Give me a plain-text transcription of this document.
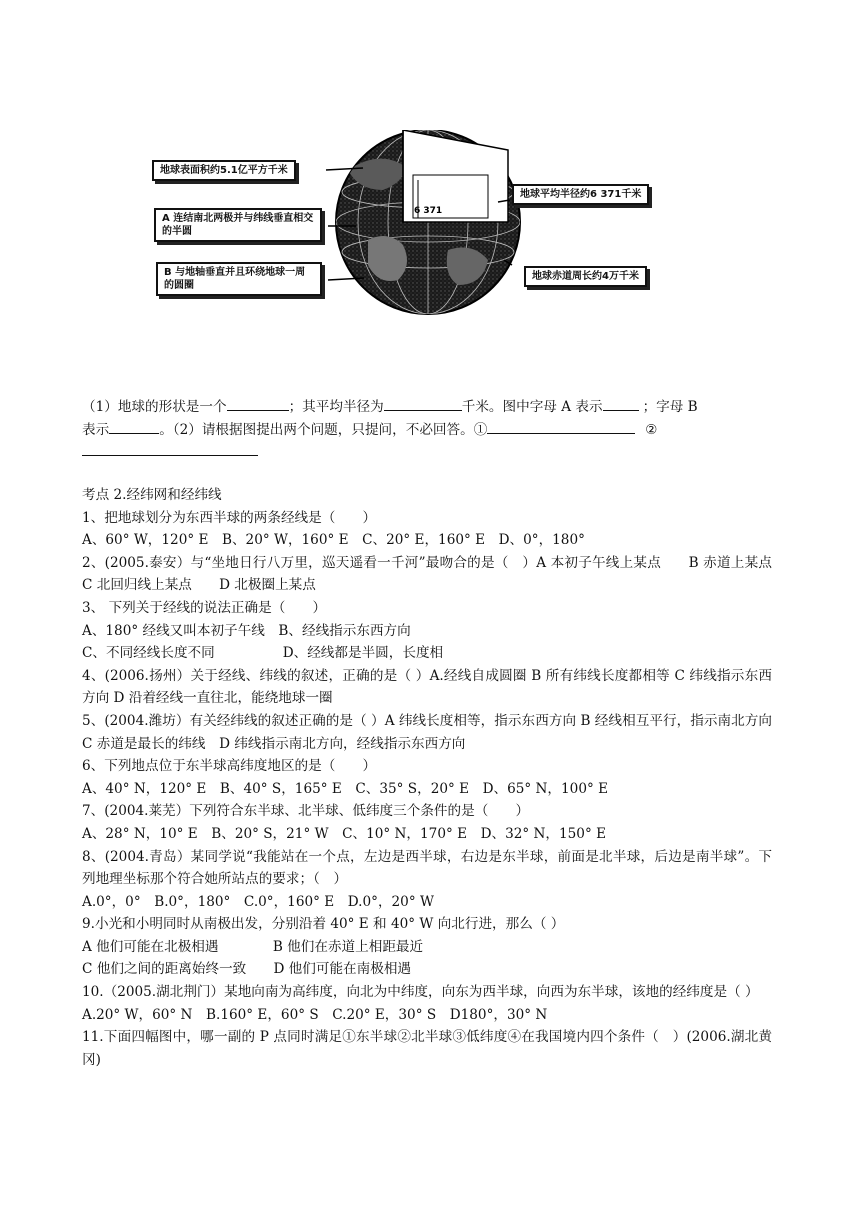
地球表面积约5.1亿平方千米
A 连结南北两极并与纬线垂直相交的半圆
B 与地轴垂直并且环绕地球一周的圆圈
地球平均半径约6 371千米
地球赤道周长约4万千米
6 371
（1）地球的形状是一个	；其平均半径为	千米。图中字母 A 表示	；字母 B
表示	。（2）请根据图提出两个问题，只提问，不必回答。①	②
考点 2.经纬网和经纬线
1、把地球划分为东西半球的两条经线是（　　）
A、60° W，120° E　B、20° W，160° E　C、20° E，160° E　D、0°，180°
2、(2005.泰安）与“坐地日行八万里，巡天遥看一千河”最吻合的是（　）A 本初子午线上某点　　B 赤道上某点　　C 北回归线上某点　　D 北极圈上某点
3、 下列关于经线的说法正确是（　　）
A、180° 经线又叫本初子午线　B、经线指示东西方向
C、不同经线长度不同　　　　　D、经线都是半圆，长度相
4、(2006.扬州）关于经线、纬线的叙述，正确的是（ ）A.经线自成圆圈 B 所有纬线长度都相等 C 纬线指示东西方向 D 沿着经线一直往北，能绕地球一圈
5、(2004.潍坊）有关经纬线的叙述正确的是（ ）A 纬线长度相等，指示东西方向 B 经线相互平行，指示南北方向 C 赤道是最长的纬线　D 纬线指示南北方向，经线指示东西方向
6、下列地点位于东半球高纬度地区的是（　　）
A、40° N，120° E　B、40° S，165° E　C、35° S，20° E　D、65° N，100° E
7、(2004.莱芜）下列符合东半球、北半球、低纬度三个条件的是（　　）
A、28° N，10° E　B、20° S，21° W　C、10° N，170° E　D、32° N，150° E
8、(2004.青岛）某同学说“我能站在一个点，左边是西半球，右边是东半球，前面是北半球，后边是南半球”。下列地理坐标那个符合她所站点的要求；（　）
A.0°，0°　B.0°，180°　C.0°，160° E　D.0°，20° W
9.小光和小明同时从南极出发，分别沿着 40° E 和 40° W 向北行进，那么（ ）
A 他们可能在北极相遇　　　　B 他们在赤道上相距最近
C 他们之间的距离始终一致　　D 他们可能在南极相遇
10.（2005.湖北荆门）某地向南为高纬度，向北为中纬度，向东为西半球，向西为东半球，该地的经纬度是（ ）
A.20° W，60° N　B.160° E，60° S　C.20° E，30° S　D180°，30° N
11.下面四幅图中，哪一副的 P 点同时满足①东半球②北半球③低纬度④在我国境内四个条件（　）(2006.湖北黄冈)
